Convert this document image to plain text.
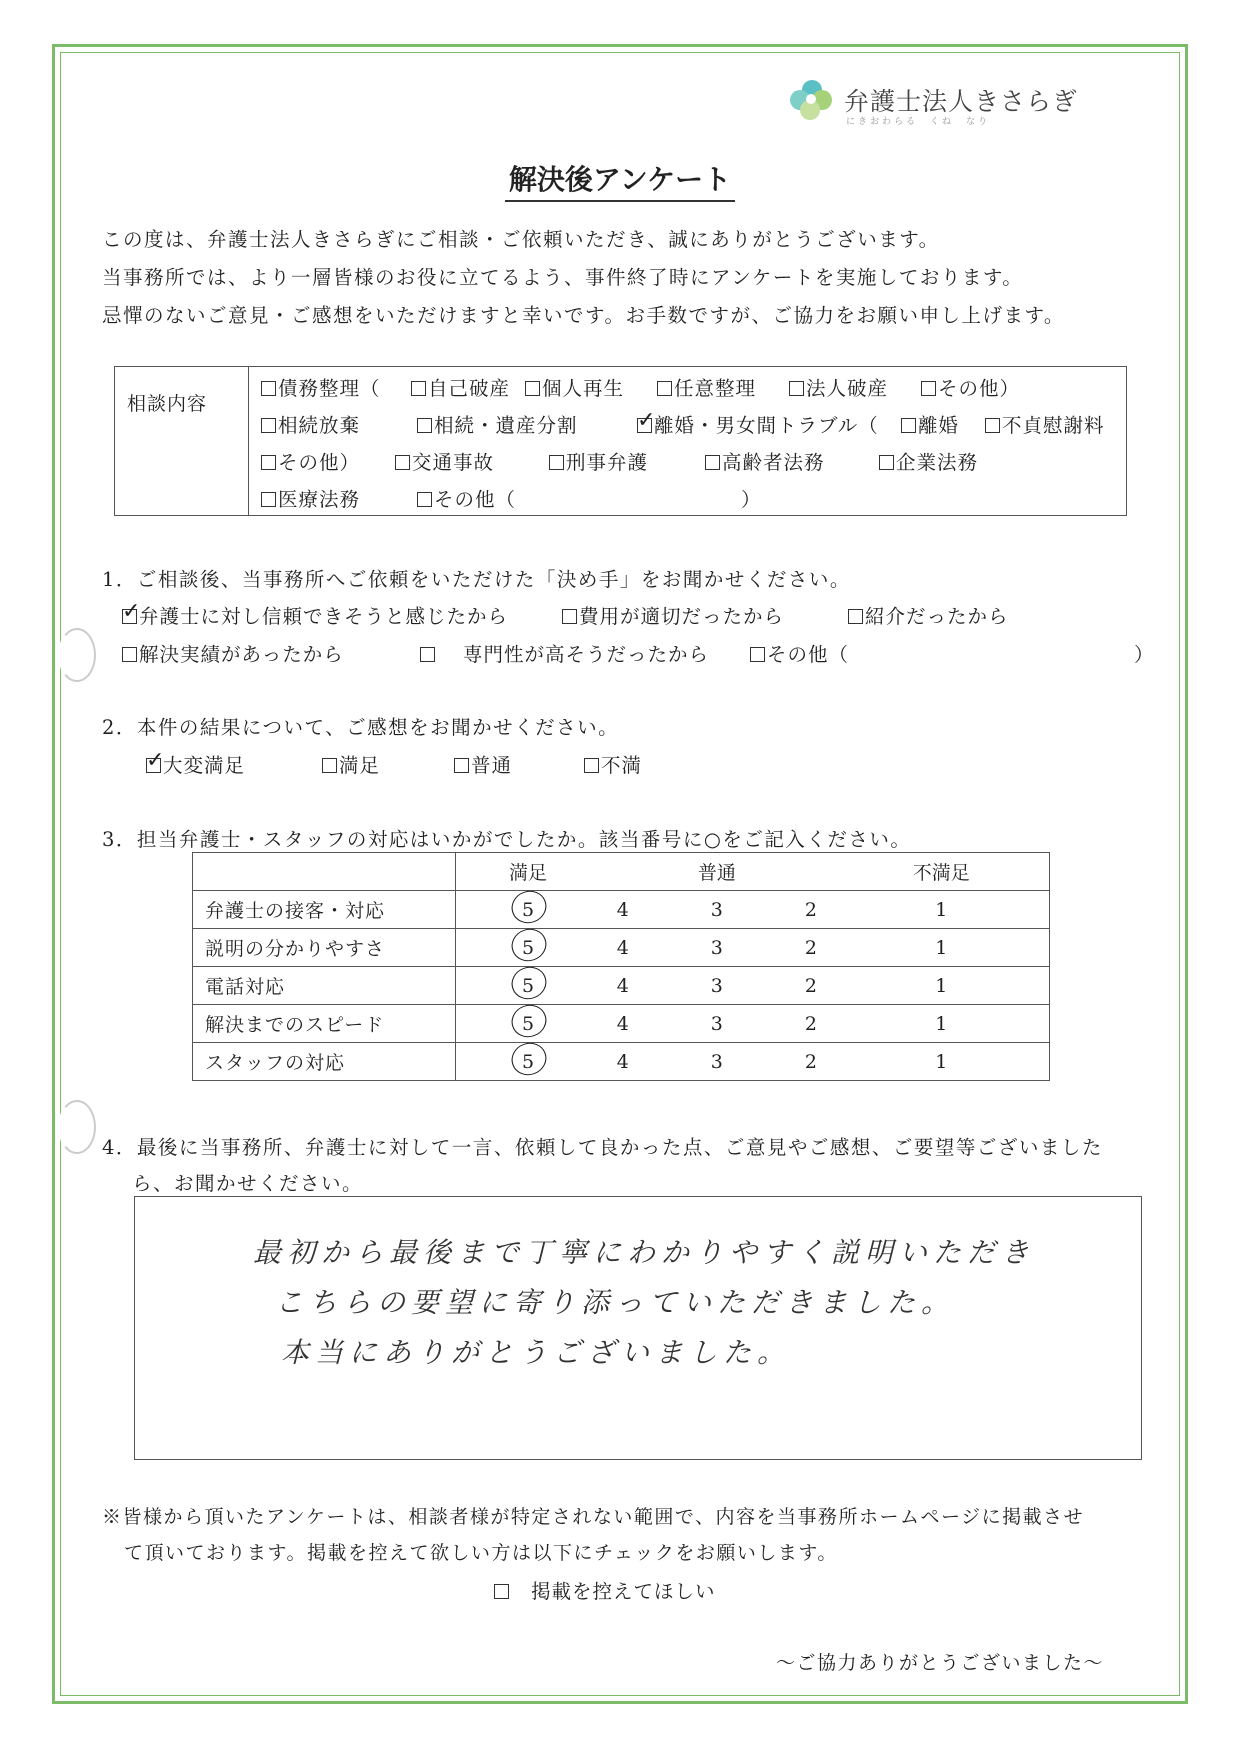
弁護士法人きさらぎ
にきおわらる　くね　なり
解決後アンケート
この度は、弁護士法人きさらぎにご相談・ご依頼いただき、誠にありがとうございます。
当事務所では、より一層皆様のお役に立てるよう、事件終了時にアンケートを実施しております。
忌憚のないご意見・ご感想をいただけますと幸いです。お手数ですが、ご協力をお願い申し上げます。
相談内容	
債務整理（	自己破産	個人再生	任意整理	法人破産	その他）
相続放棄	相続・遺産分割 ✓	離婚・男女間トラブル（	離婚	不貞慰謝料
その他）	交通事故	刑事弁護	高齢者法務	企業法務
医療法務	その他（	）
1．ご相談後、当事務所へご依頼をいただけた「決め手」をお聞かせください。
✓弁護士に対し信頼できそうと感じたから	費用が適切だったから	紹介だったから
解決実績があったから	専門性が高そうだったから	その他（	）
2．本件の結果について、ご感想をお聞かせください。
✓大変満足	満足	普通	不満
3．担当弁護士・スタッフの対応はいかがでしたか。該当番号に○をご記入ください。
	満足		普通		不満足
弁護士の接客・対応	5	4	3	2	1
説明の分かりやすさ	5	4	3	2	1
電話対応	5	4	3	2	1
解決までのスピード	5	4	3	2	1
スタッフの対応	5	4	3	2	1
4．最後に当事務所、弁護士に対して一言、依頼して良かった点、ご意見やご感想、ご要望等ございました
ら、お聞かせください。
最初から最後まで丁寧にわかりやすく説明いただき
こちらの要望に寄り添っていただきました。
本当にありがとうございました。
※皆様から頂いたアンケートは、相談者様が特定されない範囲で、内容を当事務所ホームページに掲載させ
て頂いております。掲載を控えて欲しい方は以下にチェックをお願いします。
掲載を控えてほしい
～ご協力ありがとうございました～
